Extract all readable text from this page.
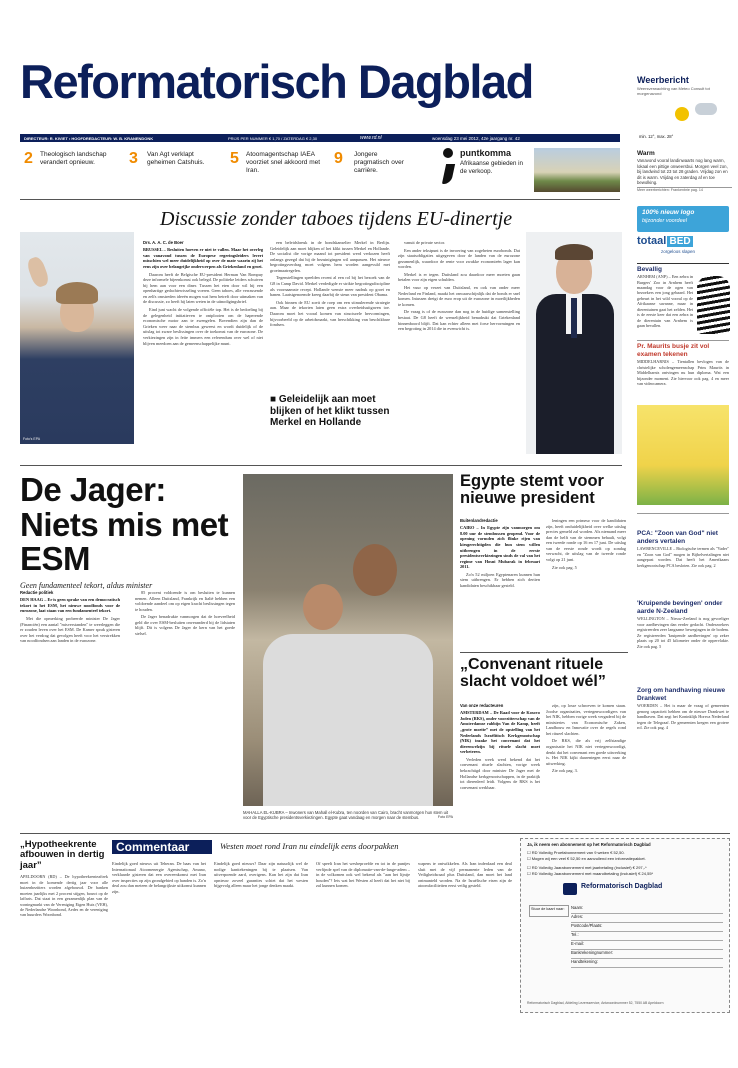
Reformatorisch Dagblad	Weerbericht
Weersverwachting van Meteo Consult tot morgenavond
min. 12°, max. 28°
DIRECTEUR: R. KIVIET • HOOFDREDACTEUR: W. B. KRANENDONK	PRIJS PER NUMMER € 1,70 / ZATERDAG € 2,30	www.rd.nl	woensdag 23 mei 2012, 42e jaargang nr. 42
2 Theologisch landschap verandert opnieuw.	3 Van Agt verklapt geheimen Catshuis. 5 Atoomagentschap IAEA voorziet snel akkoord met Iran.
9 Jongere pragmatisch over carrière.
puntkomma
Afrikaanse gebieden in de verkoop.
Warm
Vanavond vooral landinwaarts nog lang warm, lokaal een pittige onweersbui. Morgen veel zon, bij landwind tot 23 tot 28 graden. Vrijdag zon en dit is warm. Vrijdag en zaterdag af en toe bewolking.
Meer weerberichten: Frankenbrie pag. 14
Discussie zonder taboes tijdens EU-dinertje
Foto's EPA
Drs. A. A. C. de Boer

BRUSSEL – Besluiten hoeven er niet te vallen. Maar het overleg van vanavond tussen de Europese regeringsleiders levert misschien wel meer duidelijkheid op over de mate waarin zij het eens zijn over belangrijke onderwerpen als Griekenland en groei.

Daarom heeft de Belgische EU-president Herman Van Rompuy deze informele bijeenkomst ook belegd. De politieke leiders schuiven bij hem aan voor een diner. Tussen het eten door wil hij een openhartige gedachtewisseling voeren. Geen taboes, alle verrassende en zelfs omstreden ideeën mogen wat hem betreft door uitmaken van de discussie, zo heeft hij laten weten in de uitnodigingsbrief.

Eind juni wacht de volgende officiële top. Het is de bedoeling bij de gelegenheid initiatieven te ontplooien om de haperende economische motor aan te zwengelen. Bovendien zijn dan de Grieken weer naar de stembus geweest en wordt duidelijk of de uitslag tot zware beslissingen over de toekomst van de eurozone. De verkiezingen zijn in feite immers een referendum over wel of niet blijven meedoen aan de gemeenschappelijke munt.

een beleidsbreuk in de bondskanselier Merkel in Berlijn. Geleidelijk aan moet blijken of het klikt tussen Merkel en Hollande. De socialist die vorige maand tot president werd verkozen heeft onlangs gezegd dat hij de bezuinigingen wil aanpassen. Het nieuwe begrotingsverdrag moet volgens hem worden aangevuld met groeimaatregelen.

Tegenstellingen speelden recent al een rol bij het bezoek van de G8 in Camp David. Merkel verdedigde er strikte begrotingsdiscipline als voornaamste recept. Hollande wenste meer nadruk op groei en banen. Laatstgenoemde kreeg daarbij de steun van president Obama.

Ook binnen de EU zoeit de roep om een stimulerende strategie aan. Maar de tekorten laten geen extra overheidsuitgaven toe. Daarom moet het vooral komen van structurele hervormingen, bijvoorbeeld op de arbeidsmarkt, van herschikking van beschikbare fondsen.

■ Geleidelijk aan moet blijken of het klikt tussen Merkel en Hollande

vanuit de private sector.

Een ander tekstpunt is de invoering van zogeheten eurobonds. Dat zijn staatsobligaties uitgegeven door de landen van de eurozone gezamenlijk, waardoor de rente voor zwakke economieën lager kan worden.

Merkel is er tegen. Duitsland zou daardoor meer moeten gaan betalen voor zijn eigen schulden.

Het vuur op verzet van Duitsland, en ook van onder meer Nederland en Finland, maakt het onwaarschijnlijk dat de bonds er snel komen. Intussen dreigt de euro erop uit de eurozone in moeilijkheden te komen.

De vraag is of de eurozone dan nog in de huidige samenstelling bestaat. De G8 heeft de wenselijkheid benadrukt dat Griekenland binnenboord blijft. Dat kan echter alleen met forse hervormingen en een begroting in 2014 die in evenwicht is.

100% nieuw logo
bijzonder voordeel
totaal BED
zorgeloos slapen
Bevallig
ARNHEM (ANP) – Een zebra in Burgers' Zoo in Arnhem heeft maandag voor de ogen van bezoekers een jong gebaard. Het gebeurt in het wild vooral op de Afrikaanse savanne, maar in dierentuinen gaat het zelden. Het is de eerste keer dat een zebra in de dierentuin van Arnhem is gaan bevallen.
Pr. Maurits busje zit vol examen tekenen
MIDDELHARNIS – Tientallen bevlogen van de christelijke scholengemeenschap Prins Maurits in Middelharnis ontvingen nu hun diploma. Wat een bijzonder moment. Zie hiervoor ook pag. 4 en meer van videocamera.
PCA: "Zoon van God" niet anders vertalen
LAWRENCEVILLE – Biologische termen als "Vader" en "Zoon van God" mogen in Bijbelvertalingen niet aangepast worden. Dat heeft het Amerikaans kerkgenootschap PCA besloten. Zie ook pag. 2
'Kruipende bevingen' onder aarde N-Zeeland
WELLINGTON – Nieuw-Zeeland is nog gevoeliger voor aardbevingen dan eerder gedacht. Onderzoekers registreerden zeer langzame bewegingen in de bodem. Ze registreerden 'kruipende aardbevingen' op zeker plaats op 20 tot 45 kilometer onder de oppervlakte. Zie ook pag. 5
Zorg om handhaving nieuwe Drankwet
WOERDEN – Het is maar de vraag of gemeenten genoeg capaciteit hebben om de nieuwe Drankwet te handhaven. Dat zegt het Koninklijk Horeca Nederland tegen de Telegraaf. De gemeenten kregen een grotere rol. Zie ook pag. 4
De Jager: Niets mis met ESM
Geen fundamenteel tekort, aldus minister
Redactie politiek

DEN HAAG – Er is geen sprake van een democratisch tekort in het ESM, het nieuwe noodfonds voor de eurozone, laat staan van een fundamenteel tekort.

Met die opmerking probeerde minister De Jager (Financiën) een aantal "misverstanden" te weerleggen die er zouden leven over het ESM. De Kamer sprak gisteren over het verdrag dat gevolgen heeft voor het verstrekken van noodfondsen aan landen in de eurozone.

85 procent voldoende is om besluiten te kunnen nemen. Alleen Duitsland, Frankrijk en Italië hebben een voldoende aandeel om op eigen kracht beslissingen tegen te houden.

De Jager benadrukte vanmorgen dat de hoeveelheid geld die over ESM-besluiten onveranderd bij de lidstaten blijft. Dit is volgens De Jager de kern van het goede stelsel.

MAHALLA EL-KUBRA – Inwoners van Mahall el-Kubra, ten noorden van Cairo, bracht vanmorgen hun stem uit voor de Egyptische presidentsverkiezingen. Egypte gaat vandaag en morgen naar de stembus.	Foto EPA
Egypte stemt voor nieuwe president
Buitenlandredactie

CAIRO – In Egypte zijn vanmorgen om 8.00 uur de stembussen geopend. Voor de opening vormden zich flinke rijen van kiesgerechtigden die hun stem willen uitbrengen in de eerste presidentsverkiezingen sinds de val van het regime van Hosni Mubarak in februari 2011.

Zo'n 52 miljoen Egyptenaren kunnen hun stem uitbrengen. Er hebben zich dertien kandidaten beschikbaar gesteld.

leningen een primeur voor de kandidaten zijn, heeft onduidelijkheid over welke uitslag precies gemeld zal worden. Als niemand meer dan de helft van de stemmen behaalt, volgt een tweede ronde op 16 en 17 juni. De uitslag van de eerste ronde wordt op zondag verwacht, de uitslag van de tweede ronde volgt op 21 juni.

Zie ook pag. 5

„Convenant rituele slacht voldoet wél”
Van onze redacteuren

AMSTERDAM – De Raad voor de Kosovo Joden (RKS), onder voorzitterschap van de Amsterdamse rabbijn Van de Kamp, heeft „grote moeite” met de opstelling van het Nederlands Israëlitisch Kerkgenootschap (NIK) inzake het convenant dat het dierenwelzijn bij rituele slacht moet verbeteren.

Verleden week werd bekend dat het convenant rituele slachten, vorige week bekrachtigd door minister De Jager met de Hollandse kerkgenootschappen, in de praktijk tot dierenleed leidt. Volgens de RKS is het convenant werkbaar.

zijn, op losse schroeven te komen staan. Joodse organisaties, vertegenwoordigers van het NIK, hebben vorige week vergaderd bij de ministeries van Economische Zaken, Landbouw en Innovatie over de regels rond het ritueel slachten.

De RKS, die als vrij zelfstandige organisatie het NIK niet vertegenwoordigt, denkt dat het convenant een goede uitwerking is. Het NIK kijkt daarentegen eerst naar de uitwerking.

Zie ook pag. 3.

„Hypotheekrente afbouwen in dertig jaar”
APELDOORN (RD) – De hypotheekrenteaftrek moet in de komende dertig jaar voor alle huizenbezitters worden afgebouwd. De banken moeten jaarlijks met 2 procent stijgen, bouwt op de laffaris. Dat staat in een gezamenlijk plan van de woningmarkt van de Vereniging Eigen Huis (VEH), de Nederlandse Woonbond, Aedes en de vereniging van huurders Woonbond.
Commentaar	Westen moet rond Iran nu eindelijk eens doorpakken
Eindelijk goed nieuws uit Teheran. De baas van het Internationaal Atoomenergie Agentschap, Amano, verklaarde gisteren dat een overeenkomst met Iran over inspecties op zijn grondgebied op handen is. Zo'n deal zou dan meteen de belangrijkste uitkomst kunnen zijn.
Eindelijk goed nieuws? Daar zijn natuurlijk wel de nodige kanttekeningen bij te plaatsen. Van uitverpoende aard, overigens. Kan het zijn dat Iran opnieuw zoveel garanties schiet dat het westen bijgevolg alleen maar het jonge denken maakt.
Of speelt Iran het wesbeproefde en tot in de puntjes verfijnde spel van de diplomatie-van-de-lange-adem – in de volkomen ook wel bekend als "aan het lijntje houden"? Iets wat het Westen al heeft dat het niet bij zal kunnen komen.
wapens te ontwikkelen. Als Iran inderdaad een deal sluit met de vijf permanente leden van de Veiligheidsraad plus Duitsland, dan moet het land ontmanteld worden. Na de Israëlische eisen zijn de atoomfaciliteiten eerst veilig gesteld.
Ja, ik neem een abonnement op het Reformatorisch Dagblad
☐ RD Volledig Proefabonnement van 9 weken € 52,50.
☐ Mogen wij een veel € 52,50 en aanvullend een informatiepakket.
☐ RD Volledig Jaarabonnement met jaarbetaling (inclusief) € 297,-*
☐ RD Volledig Jaarabonnement met maandbetaling (inclusief) € 24,55*
Reformatorisch Dagblad
Stuur de kaart naar:	Naam:
Adres:
Postcode/Plaats:
Tel.:
E-mail:
Bankrekeningnummer:
Handtekening:
Reformatorisch Dagblad, Afdeling Lezersservice, Antwoordnummer 52, 7550 AB Apeldoorn
